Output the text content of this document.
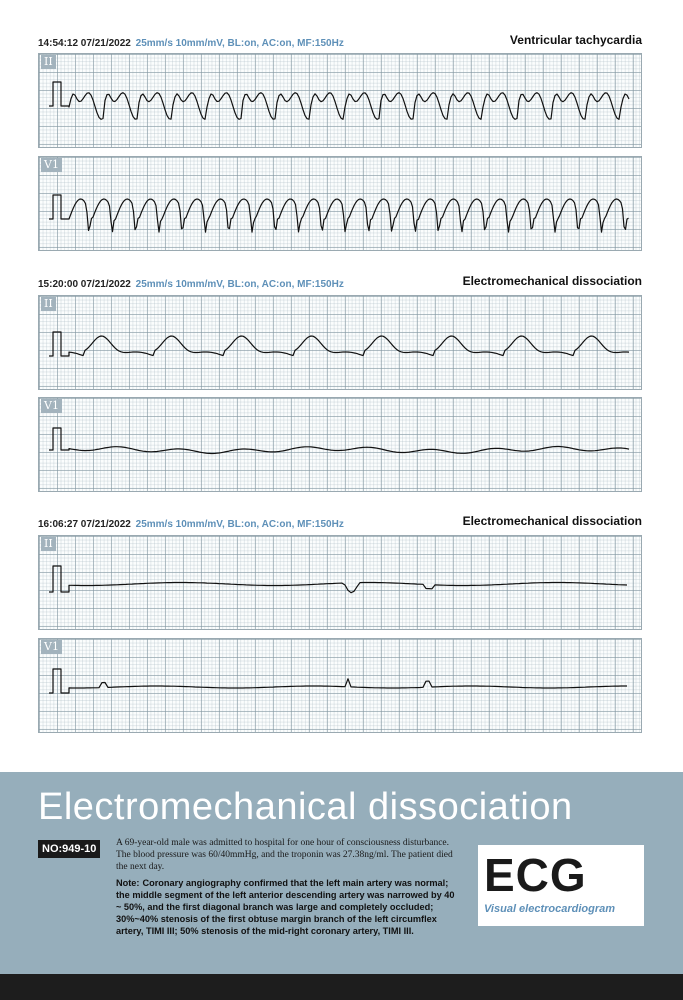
14:54:12 07/21/2022 25mm/s 10mm/mV, BL:on, AC:on, MF:150Hz	Ventricular tachycardia
II
V1
15:20:00 07/21/2022 25mm/s 10mm/mV, BL:on, AC:on, MF:150Hz	Electromechanical dissociation
II
V1
16:06:27 07/21/2022 25mm/s 10mm/mV, BL:on, AC:on, MF:150Hz	Electromechanical dissociation
II
V1
Electromechanical dissociation
NO:949-10	A 69-year-old male was admitted to hospital for one hour of consciousness disturbance. The blood pressure was 60/40mmHg, and the troponin was 27.38ng/ml. The patient died the next day.
Note: Coronary angiography confirmed that the left main artery was normal; the middle segment of the left anterior descending artery was narrowed by 40 ~ 50%, and the first diagonal branch was large and completely occluded; 30%~40% stenosis of the first obtuse margin branch of the left circumflex artery, TIMI III; 50% stenosis of the mid-right coronary artery, TIMI III.
ECG
Visual electrocardiogram
